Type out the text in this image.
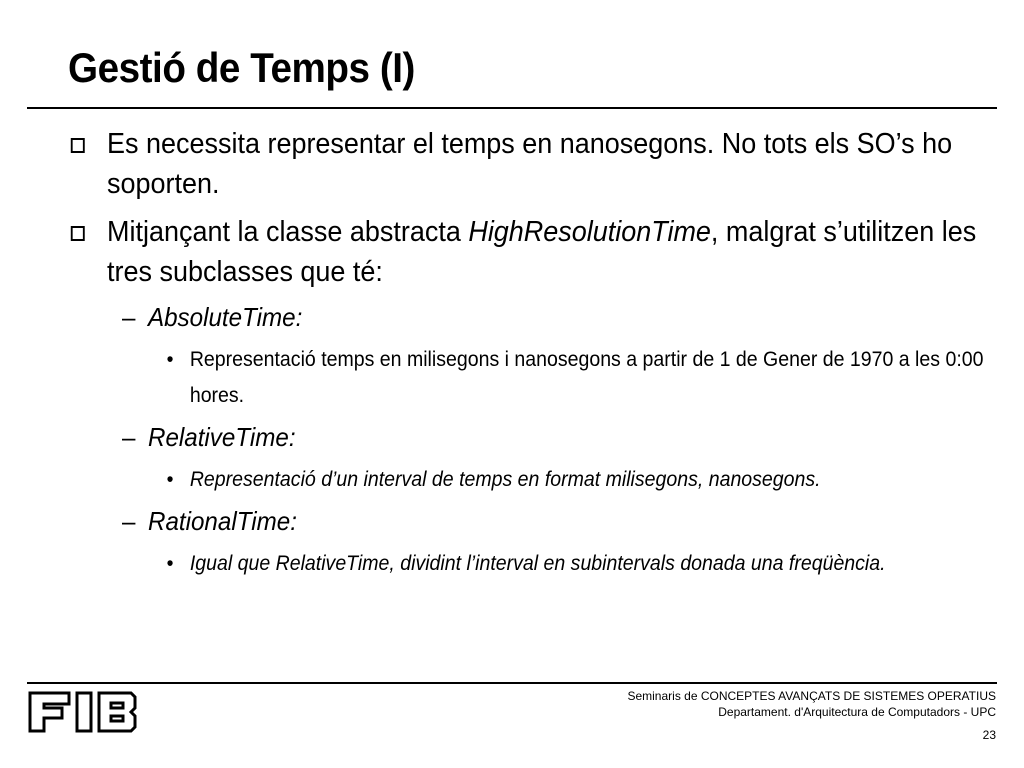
Gestió de Temps (I)
Es necessita representar el temps en nanosegons. No tots els SO’s ho soporten.
Mitjançant la classe abstracta HighResolutionTime, malgrat s’utilitzen les tres subclasses que té:
– AbsoluteTime:
• Representació temps en milisegons i nanosegons a partir de 1 de Gener de 1970 a les 0:00 hores.
– RelativeTime:
• Representació d’un interval de temps en format milisegons, nanosegons.
– RationalTime:
• Igual que RelativeTime, dividint l’interval en subintervals donada una freqüència.
Seminaris de CONCEPTES AVANÇATS DE SISTEMES OPERATIUS
Departament. d'Arquitectura de Computadors - UPC
23
